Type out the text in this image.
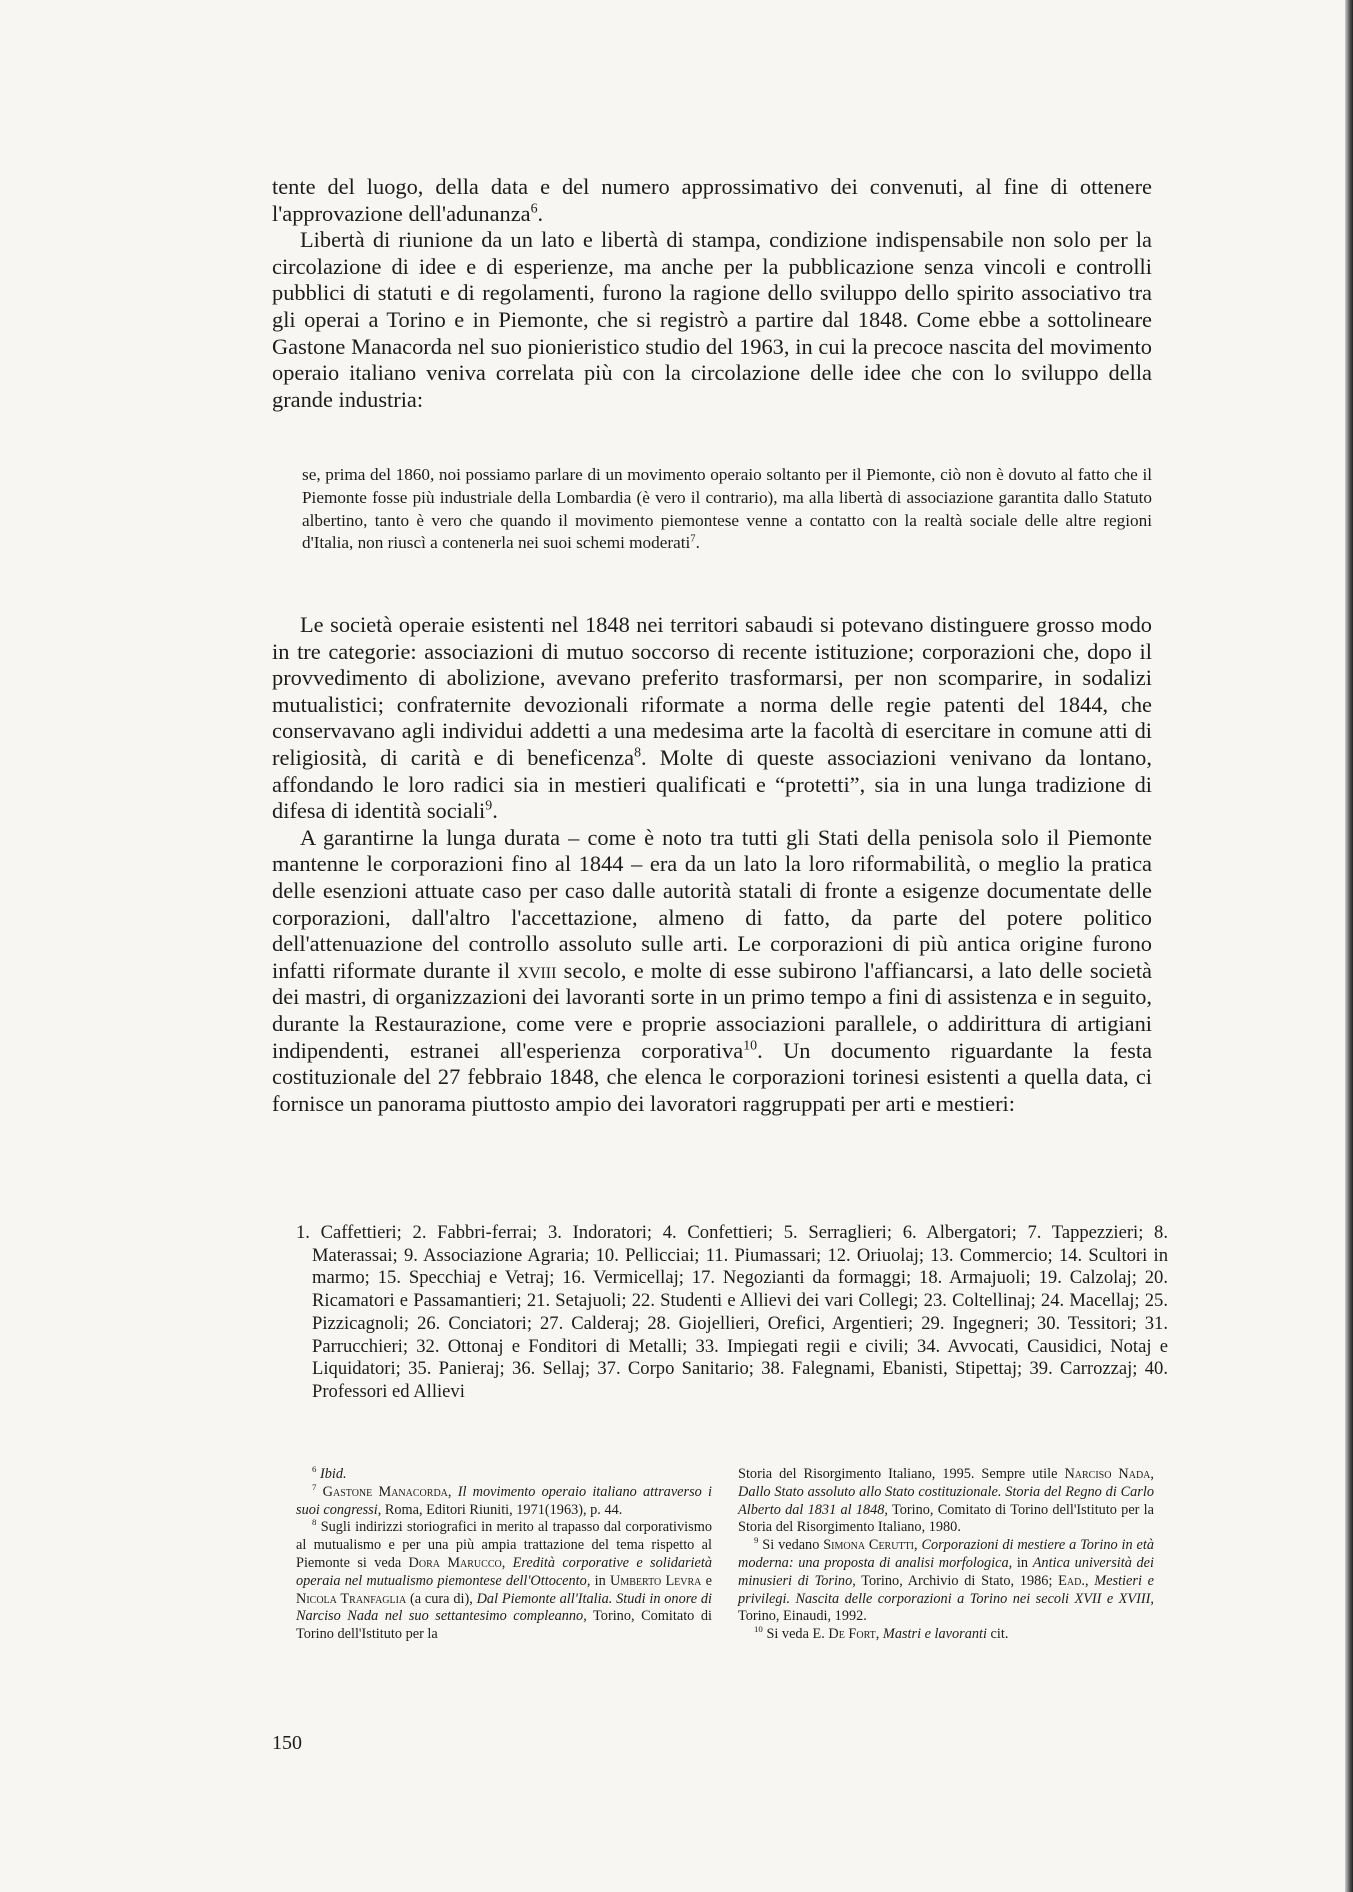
tente del luogo, della data e del numero approssimativo dei convenuti, al fine di ottenere l'approvazione dell'adunanza$^6$.

Libertà di riunione da un lato e libertà di stampa, condizione indispensabile non solo per la circolazione di idee e di esperienze, ma anche per la pubblicazione senza vincoli e controlli pubblici di statuti e di regolamenti, furono la ragione dello sviluppo dello spirito associativo tra gli operai a Torino e in Piemonte, che si registrò a partire dal 1848. Come ebbe a sottolineare Gastone Manacorda nel suo pionieristico studio del 1963, in cui la precoce nascita del movimento operaio italiano veniva correlata più con la circolazione delle idee che con lo sviluppo della grande industria:

se, prima del 1860, noi possiamo parlare di un movimento operaio soltanto per il Piemonte, ciò non è dovuto al fatto che il Piemonte fosse più industriale della Lombardia (è vero il contrario), ma alla libertà di associazione garantita dallo Statuto albertino, tanto è vero che quando il movimento piemontese venne a contatto con la realtà sociale delle altre regioni d'Italia, non riuscì a contenerla nei suoi schemi moderati$^7$.

Le società operaie esistenti nel 1848 nei territori sabaudi si potevano distinguere grosso modo in tre categorie: associazioni di mutuo soccorso di recente istituzione; corporazioni che, dopo il provvedimento di abolizione, avevano preferito trasformarsi, per non scomparire, in sodalizi mutualistici; confraternite devozionali riformate a norma delle regie patenti del 1844, che conservavano agli individui addetti a una medesima arte la facoltà di esercitare in comune atti di religiosità, di carità e di beneficenza$^8$. Molte di queste associazioni venivano da lontano, affondando le loro radici sia in mestieri qualificati e “protetti”, sia in una lunga tradizione di difesa di identità sociali$^9$.

A garantirne la lunga durata – come è noto tra tutti gli Stati della penisola solo il Piemonte mantenne le corporazioni fino al 1844 – era da un lato la loro riformabilità, o meglio la pratica delle esenzioni attuate caso per caso dalle autorità statali di fronte a esigenze documentate delle corporazioni, dall'altro l'accettazione, almeno di fatto, da parte del potere politico dell'attenuazione del controllo assoluto sulle arti. Le corporazioni di più antica origine furono infatti riformate durante il xviii secolo, e molte di esse subirono l'affiancarsi, a lato delle società dei mastri, di organizzazioni dei lavoranti sorte in un primo tempo a fini di assistenza e in seguito, durante la Restaurazione, come vere e proprie associazioni parallele, o addirittura di artigiani indipendenti, estranei all'esperienza corporativa$^{10}$. Un documento riguardante la festa costituzionale del 27 febbraio 1848, che elenca le corporazioni torinesi esistenti a quella data, ci fornisce un panorama piuttosto ampio dei lavoratori raggruppati per arti e mestieri:

1. Caffettieri; 2. Fabbri-ferrai; 3. Indoratori; 4. Confettieri; 5. Serraglieri; 6. Albergatori; 7. Tappezzieri; 8. Materassai; 9. Associazione Agraria; 10. Pellicciai; 11. Piumassari; 12. Oriuolaj; 13. Commercio; 14. Scultori in marmo; 15. Specchiaj e Vetraj; 16. Vermicellaj; 17. Negozianti da formaggi; 18. Armajuoli; 19. Calzolaj; 20. Ricamatori e Passamantieri; 21. Setajuoli; 22. Studenti e Allievi dei vari Collegi; 23. Coltellinaj; 24. Macellaj; 25. Pizzicagnoli; 26. Conciatori; 27. Calderaj; 28. Giojellieri, Orefici, Argentieri; 29. Ingegneri; 30. Tessitori; 31. Parrucchieri; 32. Ottonaj e Fonditori di Metalli; 33. Impiegati regii e civili; 34. Avvocati, Causidici, Notaj e Liquidatori; 35. Panieraj; 36. Sellaj; 37. Corpo Sanitario; 38. Falegnami, Ebanisti, Stipettaj; 39. Carrozzaj; 40. Professori ed Allievi

$^6$ Ibid.

$^7$ Gastone Manacorda, Il movimento operaio italiano attraverso i suoi congressi, Roma, Editori Riuniti, 1971(1963), p. 44.

$^8$ Sugli indirizzi storiografici in merito al trapasso dal corporativismo al mutualismo e per una più ampia trattazione del tema rispetto al Piemonte si veda Dora Marucco, Eredità corporative e solidarietà operaia nel mutualismo piemontese dell'Ottocento, in Umberto Levra e Nicola Tranfaglia (a cura di), Dal Piemonte all'Italia. Studi in onore di Narciso Nada nel suo settantesimo compleanno, Torino, Comitato di Torino dell'Istituto per la

Storia del Risorgimento Italiano, 1995. Sempre utile Narciso Nada, Dallo Stato assoluto allo Stato costituzionale. Storia del Regno di Carlo Alberto dal 1831 al 1848, Torino, Comitato di Torino dell'Istituto per la Storia del Risorgimento Italiano, 1980.

$^9$ Si vedano Simona Cerutti, Corporazioni di mestiere a Torino in età moderna: una proposta di analisi morfologica, in Antica università dei minusieri di Torino, Torino, Archivio di Stato, 1986; Ead., Mestieri e privilegi. Nascita delle corporazioni a Torino nei secoli XVII e XVIII, Torino, Einaudi, 1992.

$^{10}$ Si veda E. De Fort, Mastri e lavoranti cit.

150
